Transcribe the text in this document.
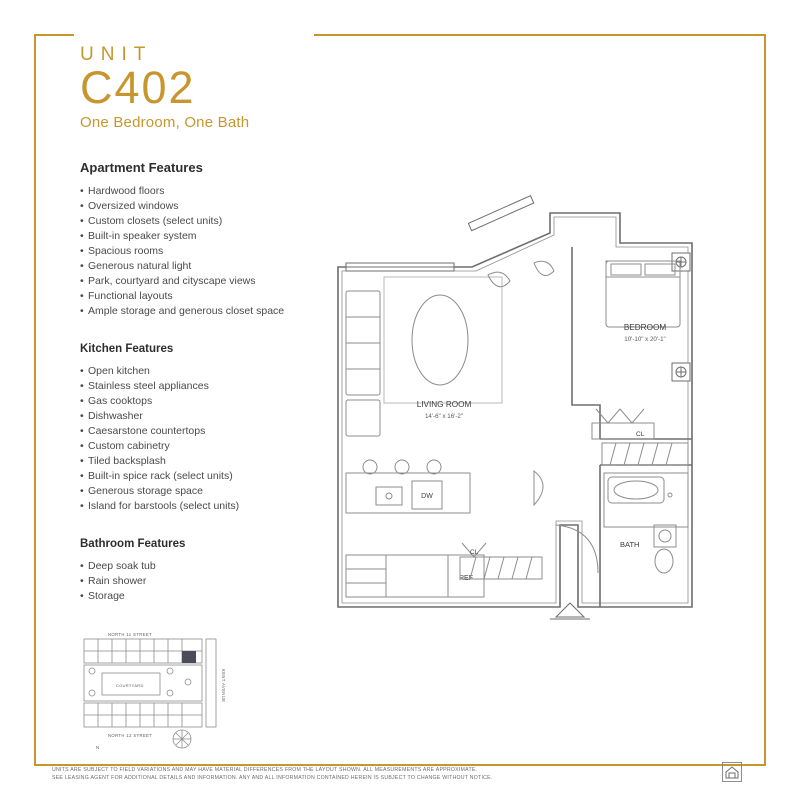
UNIT
C402
One Bedroom, One Bath
Apartment Features
• Hardwood floors
• Oversized windows
• Custom closets (select units)
• Built-in speaker system
• Spacious rooms
• Generous natural light
• Park, courtyard and cityscape views
• Functional layouts
• Ample storage and generous closet space
Kitchen Features
• Open kitchen
• Stainless steel appliances
• Gas cooktops
• Dishwasher
• Caesarstone countertops
• Custom cabinetry
• Tiled backsplash
• Built-in spice rack (select units)
• Generous storage space
• Island for barstools (select units)
Bathroom Features
• Deep soak tub
• Rain shower
• Storage
BEDROOM
10'-10" x 20'-1"
LIVING ROOM
14'-6" x 16'-2"
DW
REF
CL
BATH
CL
NORTH 11 STREET
NORTH 12 STREET
COURTYARD	KENT AVENUE
N
UNITS ARE SUBJECT TO FIELD VARIATIONS AND MAY HAVE MATERIAL DIFFERENCES FROM THE LAYOUT SHOWN. ALL MEASUREMENTS ARE APPROXIMATE.
SEE LEASING AGENT FOR ADDITIONAL DETAILS AND INFORMATION. ANY AND ALL INFORMATION CONTAINED HEREIN IS SUBJECT TO CHANGE WITHOUT NOTICE.
